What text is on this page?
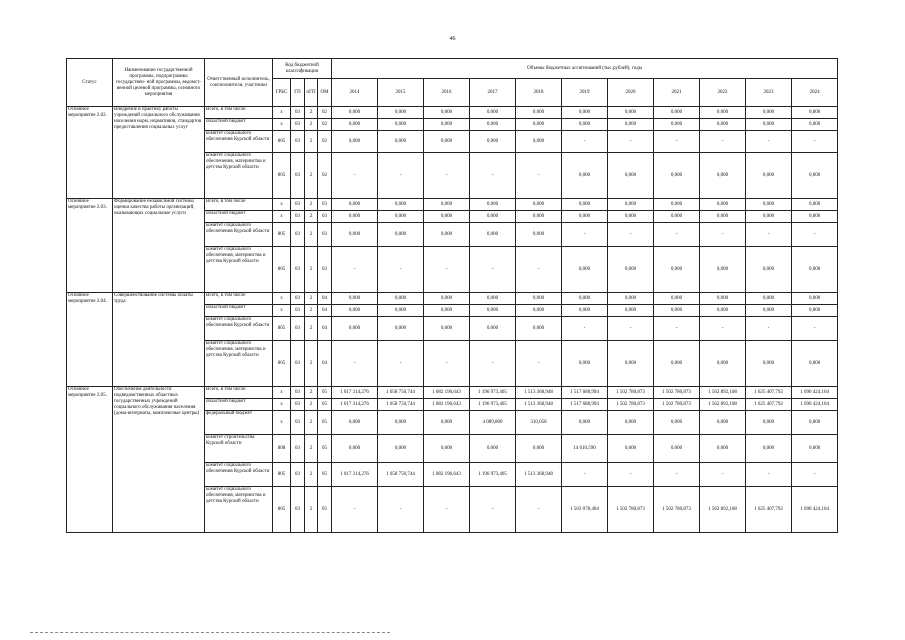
46
Статус	Наименование государственной программы, подпрограммы государствен- ной программы, ведомст- венной целевой программы, основного мероприятия	Ответственный исполнитель, соисполнители, участники	Код бюджетной классификации				Объемы бюджетных ассигнований (тыс.рублей), годы										
			ГРБС	ГП	пГП	ОМ	2014	2015	2016	2017	2018	2019	2020	2021	2022	2023	2024
Основное мероприятие 2.02.	Внедрение в практику работы учреждений социального обслуживания населения норм, нормативов, стандартов предоставления социальных услуг	Всего, в том числе	х	03	2	02	0,000	0,000	0,000	0,000	0,000	0,000	0,000	0,000	0,000	0,000	0,000
		областной бюджет	х	03	2	02	0,000	0,000	0,000	0,000	0,000	0,000	0,000	0,000	0,000	0,000	0,000
		комитет социального обеспечения Курской области	805	03	2	02	0,000	0,000	0,000	0,000	0,000	-	-	-	-	-	-
		комитет социального обеспечения, материнства и детства Курской области	805	03	2	02	-	-	-	-	-	0,000	0,000	0,000	0,000	0,000	0,000
Основное мероприятие 2.03.	Формирование независимой системы оценки качества работы организаций, оказывающих социальные услуги	Всего, в том числе	х	03	2	03	0,000	0,000	0,000	0,000	0,000	0,000	0,000	0,000	0,000	0,000	0,000
		областной бюджет	х	03	2	03	0,000	0,000	0,000	0,000	0,000	0,000	0,000	0,000	0,000	0,000	0,000
		комитет социального обеспечения Курской области	805	03	2	03	0,000	0,000	0,000	0,000	0,000	-	-	-	-	-	-
		комитет социального обеспечения, материнства и детства Курской области	805	03	2	03	-	-	-	-	-	0,000	0,000	0,000	0,000	0,000	0,000
Основное мероприятие 2.04.	Совершенствование системы оплаты труда	Всего, в том числе	х	03	2	04	0,000	0,000	0,000	0,000	0,000	0,000	0,000	0,000	0,000	0,000	0,000
		областной бюджет	х	03	2	04	0,000	0,000	0,000	0,000	0,000	0,000	0,000	0,000	0,000	0,000	0,000
		комитет социального обеспечения Курской области	805	03	2	04	0,000	0,000	0,000	0,000	0,000	-	-	-	-	-	-
		комитет социального обеспечения, материнства и детства Курской области	805	03	2	04	-	-	-	-	-	0,000	0,000	0,000	0,000	0,000	0,000
Основное мероприятие 2.05.	Обеспечение деятельности подведомственных областных государственных учреждений социального обслуживания населения (дома-интернаты, комплексные центры)	Всего, в том числе	х	03	2	05	1 017 314,276	1 058 750,744	1 082 196,643	1 196 973,405	1 513 368,948	1 517 688,994	1 502 780,873	1 502 780,873	1 562 892,108	1 625 407,792	1 690 424,104
		областной бюджет	х	03	2	05	1 017 314,276	1 058 750,744	1 082 196,643	1 196 973,405	1 513 368,948	1 517 688,994	1 502 780,873	1 502 780,873	1 562 892,108	1 625 407,792	1 690 424,104
		федеральный бюджет	х	03	2	05	0,000	0,000	0,000	4 089,800	310,058	0,000	0,000	0,000	0,000	0,000	0,000
		комитет строительства Курской области	808	03	2	05	0,000	0,000	0,000	0,000	0,000	14 610,590	0,000	0,000	0,000	0,000	0,000
		комитет социального обеспечения Курской области	805	03	2	05	1 017 314,276	1 058 750,744	1 082 196,643	1 196 973,405	1 513 368,948	-	-	-	-	-	-
		комитет социального обеспечения, материнства и детства Курской области	805	03	2	05	-	-	-	-	-	1 503 078,404	1 502 780,873	1 502 780,873	1 562 892,108	1 625 407,792	1 690 424,104
